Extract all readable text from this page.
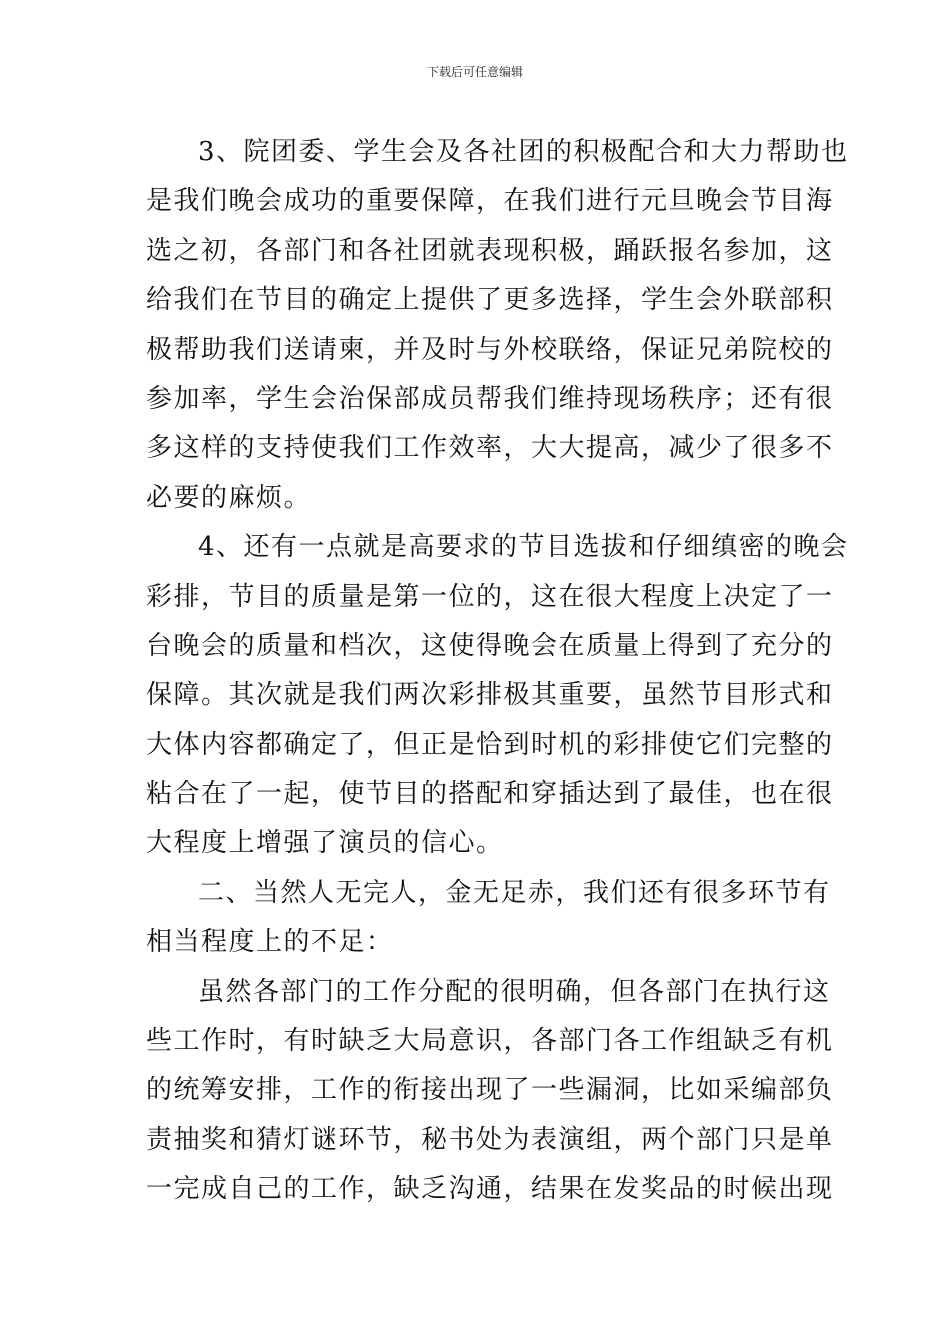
下载后可任意编辑
3、院团委、学生会及各社团的积极配合和大力帮助也
是我们晚会成功的重要保障，在我们进行元旦晚会节目海
选之初，各部门和各社团就表现积极，踊跃报名参加，这
给我们在节目的确定上提供了更多选择，学生会外联部积
极帮助我们送请柬，并及时与外校联络，保证兄弟院校的
参加率，学生会治保部成员帮我们维持现场秩序；还有很
多这样的支持使我们工作效率，大大提高，减少了很多不
必要的麻烦。
4、还有一点就是高要求的节目选拔和仔细缜密的晚会
彩排，节目的质量是第一位的，这在很大程度上决定了一
台晚会的质量和档次，这使得晚会在质量上得到了充分的
保障。其次就是我们两次彩排极其重要，虽然节目形式和
大体内容都确定了，但正是恰到时机的彩排使它们完整的
粘合在了一起，使节目的搭配和穿插达到了最佳，也在很
大程度上增强了演员的信心。
二、当然人无完人，金无足赤，我们还有很多环节有
相当程度上的不足：
虽然各部门的工作分配的很明确，但各部门在执行这
些工作时，有时缺乏大局意识，各部门各工作组缺乏有机
的统筹安排，工作的衔接出现了一些漏洞，比如采编部负
责抽奖和猜灯谜环节，秘书处为表演组，两个部门只是单
一完成自己的工作，缺乏沟通，结果在发奖品的时候出现
